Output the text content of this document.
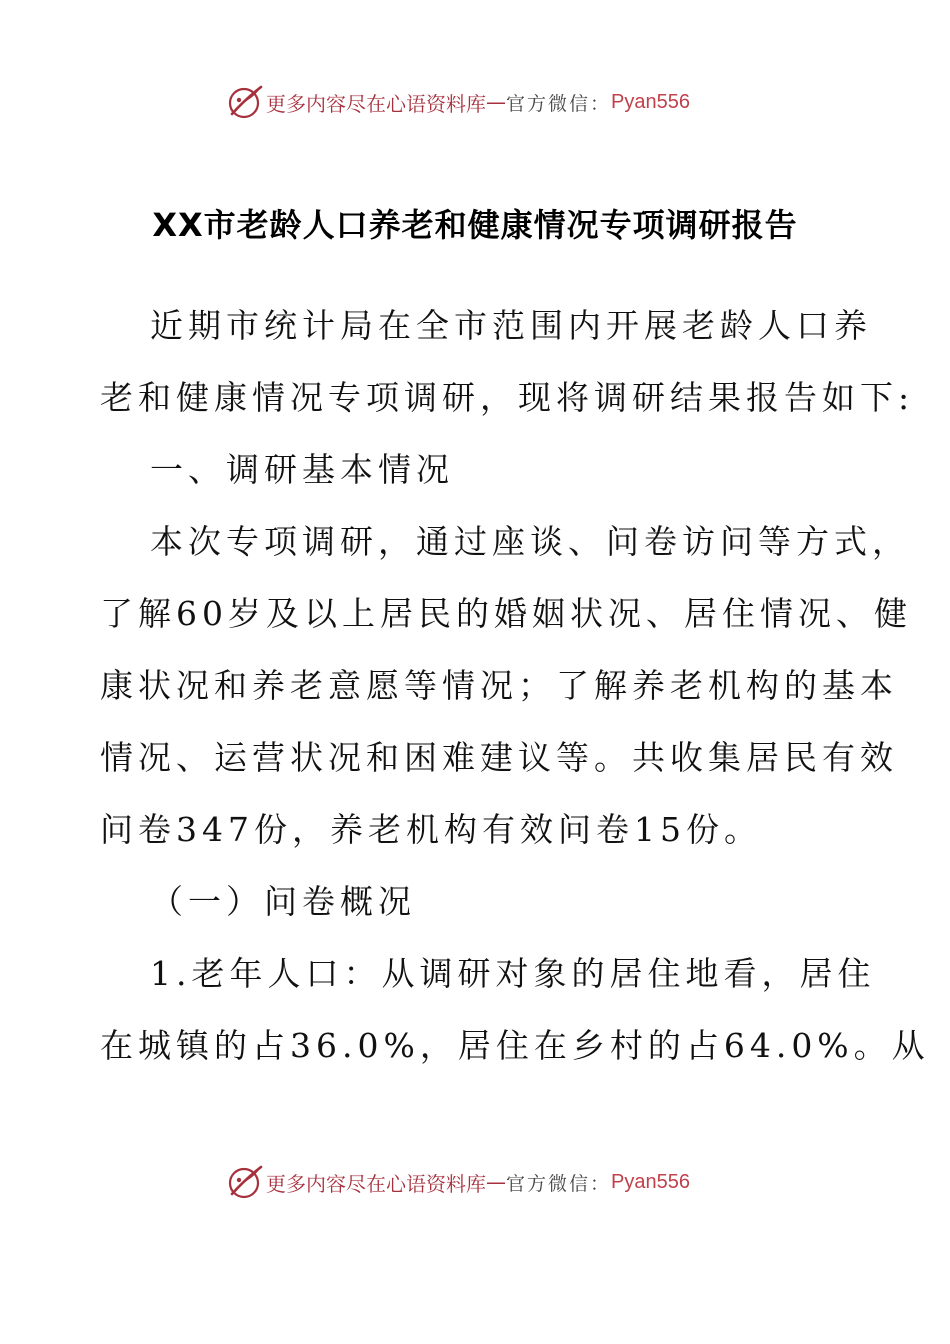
更多内容尽在心语资料库 — 官方微信： Pyan556
XX市老龄人口养老和健康情况专项调研报告
近期市统计局在全市范围内开展老龄人口养
老和健康情况专项调研，现将调研结果报告如下:
一、调研基本情况
本次专项调研，通过座谈、问卷访问等方式，
了解60岁及以上居民的婚姻状况、居住情况、健
康状况和养老意愿等情况；了解养老机构的基本
情况、运营状况和困难建议等。共收集居民有效
问卷347份，养老机构有效问卷15份。
（一）问卷概况
1.老年人口：从调研对象的居住地看，居住
在城镇的占36.0%，居住在乡村的占64.0%。从
更多内容尽在心语资料库 — 官方微信： Pyan556
